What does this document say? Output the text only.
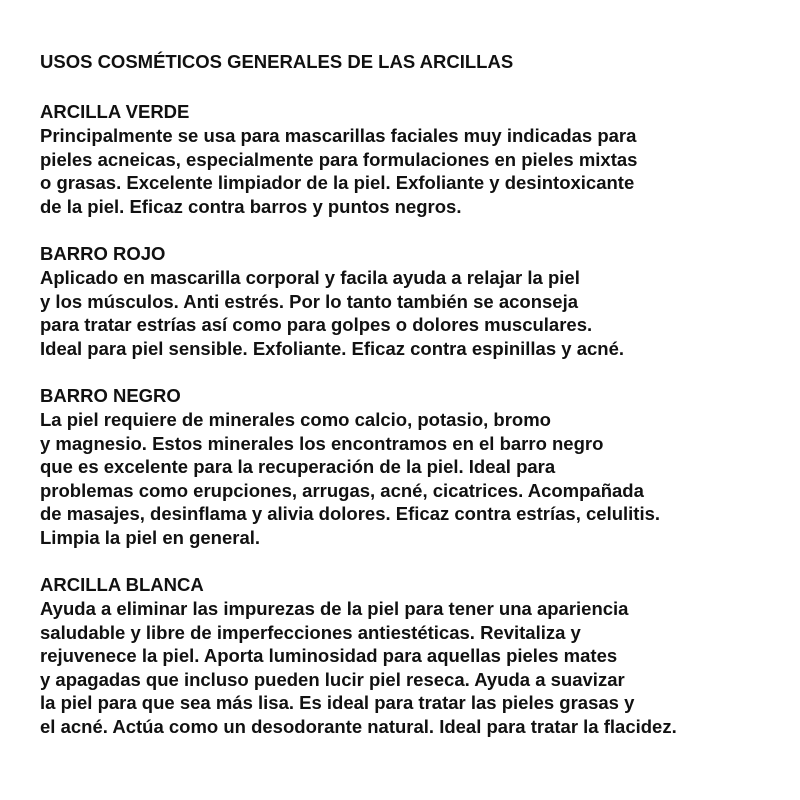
USOS COSMÉTICOS GENERALES DE LAS ARCILLAS
ARCILLA VERDE
Principalmente se usa para mascarillas faciales muy indicadas para
pieles acneicas, especialmente para formulaciones en pieles mixtas
o grasas. Excelente limpiador de la piel. Exfoliante y desintoxicante
de la piel. Eficaz contra barros y puntos negros.
BARRO ROJO
Aplicado en mascarilla corporal y facila ayuda a relajar la piel
y los músculos. Anti estrés. Por lo tanto también se aconseja
para tratar estrías así como para golpes o dolores musculares.
Ideal para piel sensible. Exfoliante. Eficaz contra espinillas y acné.
BARRO NEGRO
La piel requiere de minerales como calcio, potasio, bromo
y magnesio. Estos minerales los encontramos en el barro negro
que es excelente para la recuperación de la piel. Ideal para
problemas como erupciones, arrugas, acné, cicatrices. Acompañada
de masajes, desinflama y alivia dolores. Eficaz contra estrías, celulitis.
Limpia la piel en general.
ARCILLA BLANCA
Ayuda a eliminar las impurezas de la piel para tener una apariencia
saludable y libre de imperfecciones antiestéticas. Revitaliza y
rejuvenece la piel. Aporta luminosidad para aquellas pieles mates
y apagadas que incluso pueden lucir piel reseca. Ayuda a suavizar
la piel para que sea más lisa. Es ideal para tratar las pieles grasas y
el acné. Actúa como un desodorante natural. Ideal para tratar la flacidez.
